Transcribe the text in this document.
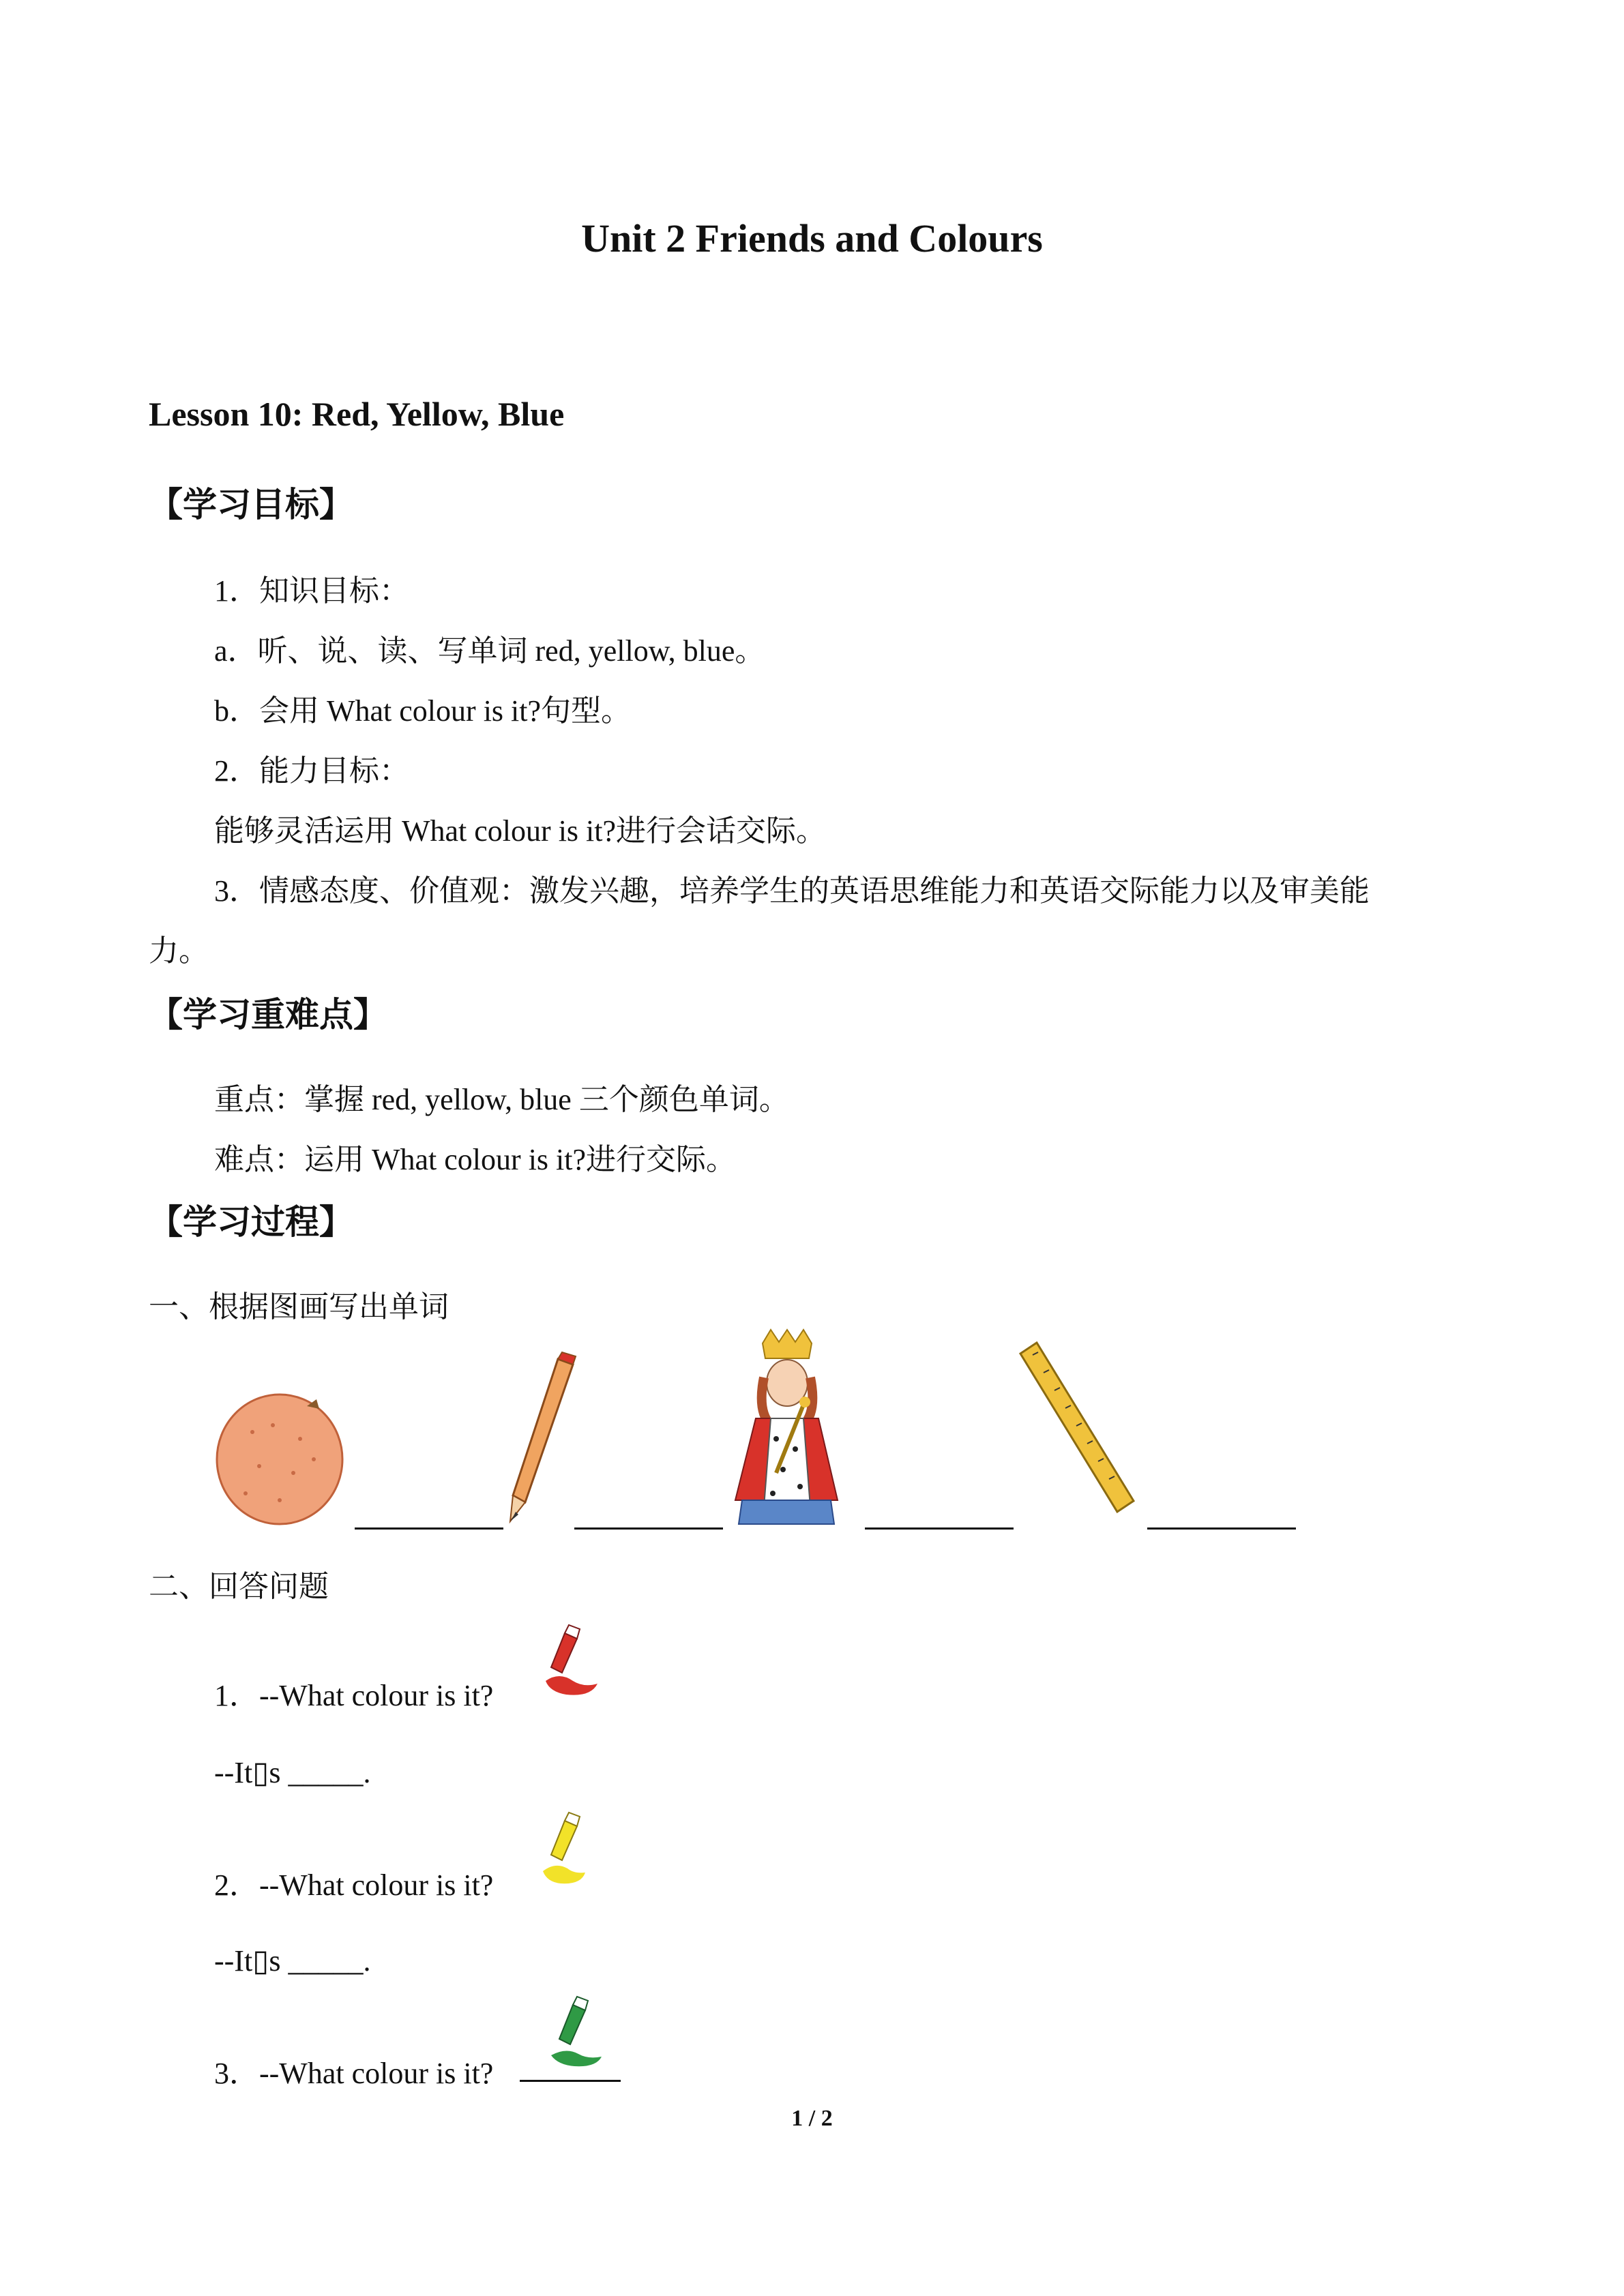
Unit 2 Friends and Colours
Lesson 10: Red, Yellow, Blue
【学习目标】
1．知识目标：
a．听、说、读、写单词 red, yellow, blue。
b．会用 What colour is it?句型。
2．能力目标：
能够灵活运用 What colour is it?进行会话交际。
3．情感态度、价值观：激发兴趣，培养学生的英语思维能力和英语交际能力以及审美能
力。
【学习重难点】
重点：掌握 red, yellow, blue 三个颜色单词。
难点：运用 What colour is it?进行交际。
【学习过程】
一、根据图画写出单词
二、回答问题
1．--What colour is it?
--It▯s _____.
2．--What colour is it?
--It▯s _____.
3．--What colour is it?
1 / 2
